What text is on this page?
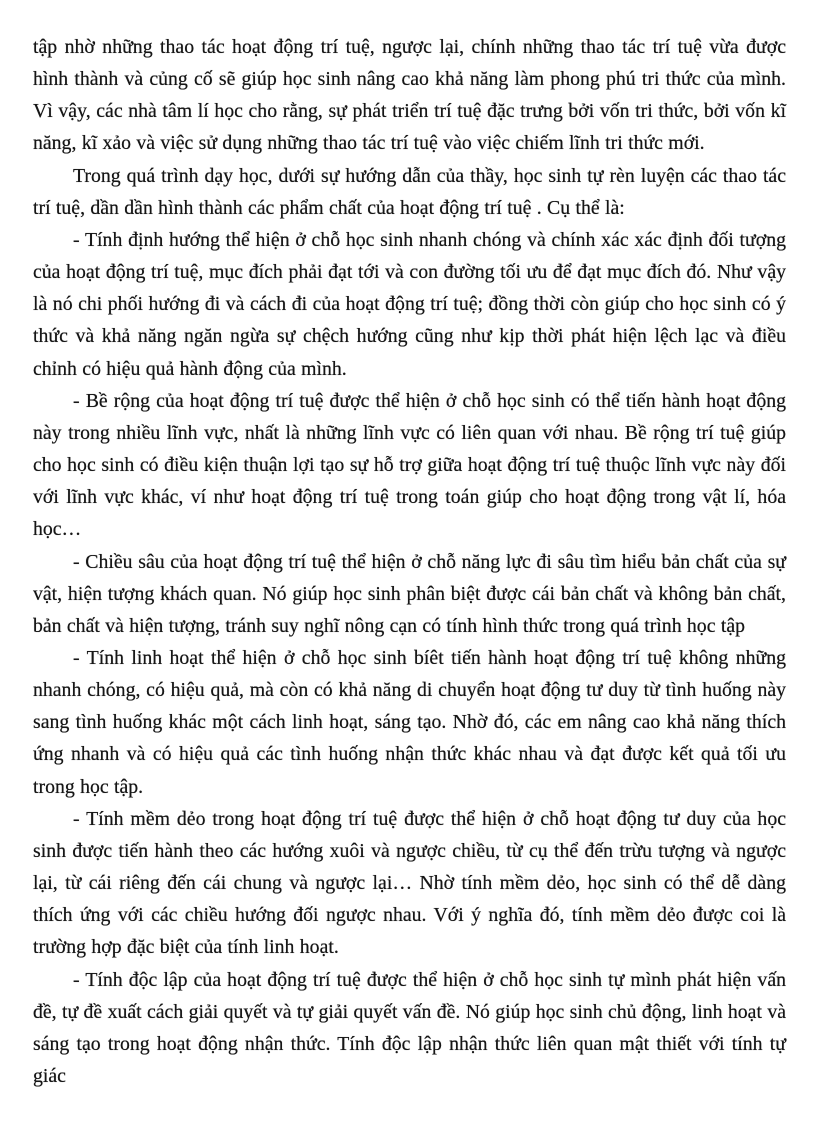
tập nhờ những thao tác hoạt động trí tuệ, ngược lại, chính những thao tác trí tuệ vừa được hình thành và củng cố sẽ giúp học sinh nâng cao khả năng làm phong phú tri thức của mình. Vì vậy, các nhà tâm lí học cho rằng, sự phát triển trí tuệ đặc trưng bởi vốn tri thức, bởi vốn kĩ năng, kĩ xảo và việc sử dụng những thao tác trí tuệ vào việc chiếm lĩnh tri thức mới.

Trong quá trình dạy học, dưới sự hướng dẫn của thầy, học sinh tự rèn luyện các thao tác trí tuệ, dần dần hình thành các phẩm chất của hoạt động trí tuệ . Cụ thể là:

- Tính định hướng thể hiện ở chỗ học sinh nhanh chóng và chính xác xác định đối tượng của hoạt động trí tuệ, mục đích phải đạt tới và con đường tối ưu để đạt mục đích đó. Như vậy là nó chi phối hướng đi và cách đi của hoạt động trí tuệ; đồng thời còn giúp cho học sinh có ý thức và khả năng ngăn ngừa sự chệch hướng cũng như kịp thời phát hiện lệch lạc và điều chỉnh có hiệu quả hành động của mình.

- Bề rộng của hoạt động trí tuệ được thể hiện ở chỗ học sinh có thể tiến hành hoạt động này trong nhiều lĩnh vực, nhất là những lĩnh vực có liên quan với nhau. Bề rộng trí tuệ giúp cho học sinh có điều kiện thuận lợi tạo sự hỗ trợ giữa hoạt động trí tuệ thuộc lĩnh vực này đối với lĩnh vực khác, ví như hoạt động trí tuệ trong toán giúp cho hoạt động trong vật lí, hóa học…

- Chiều sâu của hoạt động trí tuệ thể hiện ở chỗ năng lực đi sâu tìm hiểu bản chất của sự vật, hiện tượng khách quan. Nó giúp học sinh phân biệt được cái bản chất và không bản chất, bản chất và hiện tượng, tránh suy nghĩ nông cạn có tính hình thức trong quá trình học tập

- Tính linh hoạt thể hiện ở chỗ học sinh bíêt tiến hành hoạt động trí tuệ không những nhanh chóng, có hiệu quả, mà còn có khả năng di chuyển hoạt động tư duy từ tình huống này sang tình huống khác một cách linh hoạt, sáng tạo. Nhờ đó, các em nâng cao khả năng thích ứng nhanh và có hiệu quả các tình huống nhận thức khác nhau và đạt được kết quả tối ưu trong học tập.

- Tính mềm dẻo trong hoạt động trí tuệ được thể hiện ở chỗ hoạt động tư duy của học sinh được tiến hành theo các hướng xuôi và ngược chiều, từ cụ thể đến trừu tượng và ngược lại, từ cái riêng đến cái chung và ngược lại… Nhờ tính mềm dẻo, học sinh có thể dễ dàng thích ứng với các chiều hướng đối ngược nhau. Với ý nghĩa đó, tính mềm dẻo được coi là trường hợp đặc biệt của tính linh hoạt.

- Tính độc lập của hoạt động trí tuệ được thể hiện ở chỗ học sinh tự mình phát hiện vấn đề, tự đề xuất cách giải quyết và tự giải quyết vấn đề. Nó giúp học sinh chủ động, linh hoạt và sáng tạo trong hoạt động nhận thức. Tính độc lập nhận thức liên quan mật thiết với tính tự giác
